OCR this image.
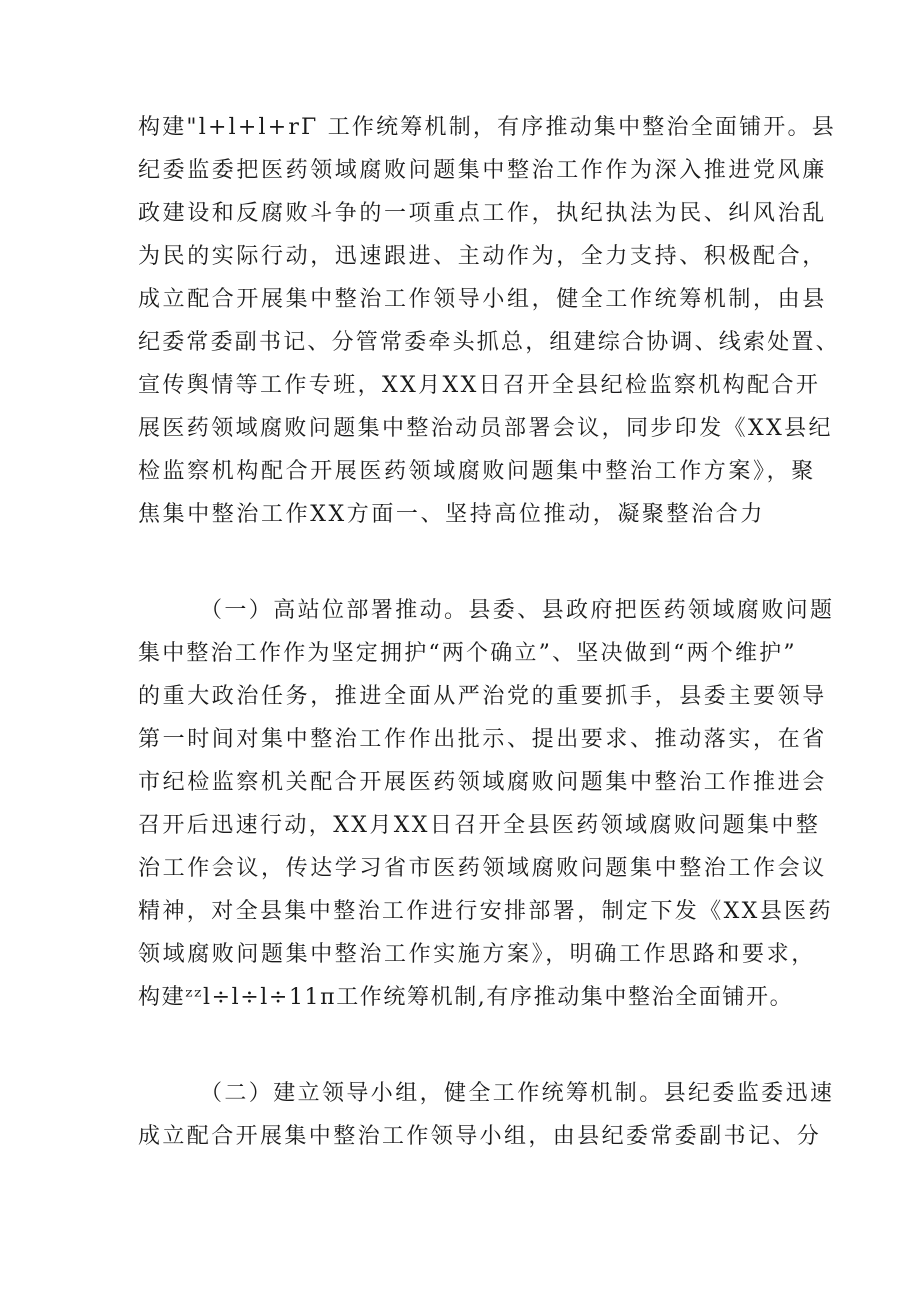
构建"l+l+l+rΓ 工作统筹机制，有序推动集中整治全面铺开。县

纪委监委把医药领域腐败问题集中整治工作作为深入推进党风廉

政建设和反腐败斗争的一项重点工作，执纪执法为民、纠风治乱

为民的实际行动，迅速跟进、主动作为，全力支持、积极配合，

成立配合开展集中整治工作领导小组，健全工作统筹机制，由县

纪委常委副书记、分管常委牵头抓总，组建综合协调、线索处置、

宣传舆情等工作专班，XX月XX日召开全县纪检监察机构配合开

展医药领域腐败问题集中整治动员部署会议，同步印发《XX县纪

检监察机构配合开展医药领域腐败问题集中整治工作方案》，聚

焦集中整治工作XX方面一、坚持高位推动，凝聚整治合力

（一）高站位部署推动。县委、县政府把医药领域腐败问题

集中整治工作作为坚定拥护“两个确立”、坚决做到“两个维护”

的重大政治任务，推进全面从严治党的重要抓手，县委主要领导

第一时间对集中整治工作作出批示、提出要求、推动落实，在省

市纪检监察机关配合开展医药领域腐败问题集中整治工作推进会

召开后迅速行动，XX月XX日召开全县医药领域腐败问题集中整

治工作会议，传达学习省市医药领域腐败问题集中整治工作会议

精神，对全县集中整治工作进行安排部署，制定下发《XX县医药

领域腐败问题集中整治工作实施方案》，明确工作思路和要求，

构建ᶻᶻl÷l÷l÷11ᴨ工作统筹机制,有序推动集中整治全面铺开。

（二）建立领导小组，健全工作统筹机制。县纪委监委迅速

成立配合开展集中整治工作领导小组，由县纪委常委副书记、分
